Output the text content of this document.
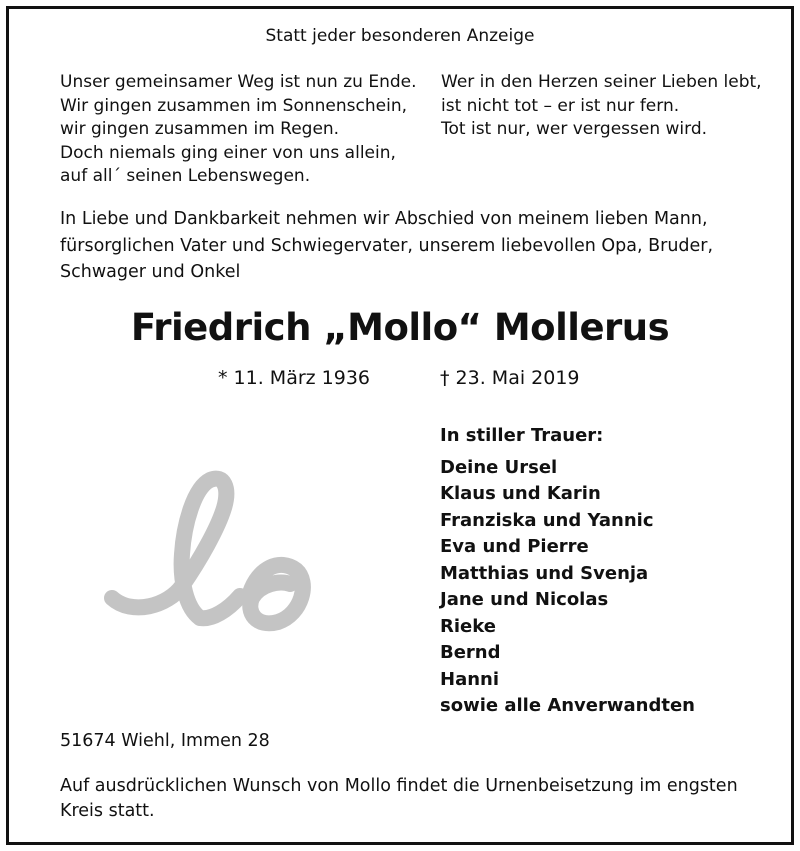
Statt jeder besonderen Anzeige
Unser gemeinsamer Weg ist nun zu Ende.
Wir gingen zusammen im Sonnenschein,
wir gingen zusammen im Regen.
Doch niemals ging einer von uns allein,
auf all´ seinen Lebenswegen.
Wer in den Herzen seiner Lieben lebt,
ist nicht tot – er ist nur fern.
Tot ist nur, wer vergessen wird.

In Liebe und Dankbarkeit nehmen wir Abschied von meinem lieben Mann, fürsorglichen Vater und Schwiegervater, unserem liebevollen Opa, Bruder, Schwager und Onkel

Friedrich „Mollo“ Mollerus
* 11. März 1936	† 23. Mai 2019
In stiller Trauer:
Deine Ursel
Klaus und Karin
Franziska und Yannic
Eva und Pierre
Matthias und Svenja
Jane und Nicolas
Rieke
Bernd
Hanni
sowie alle Anverwandten
51674 Wiehl, Immen 28

Auf ausdrücklichen Wunsch von Mollo findet die Urnenbeisetzung im engsten Kreis statt.
